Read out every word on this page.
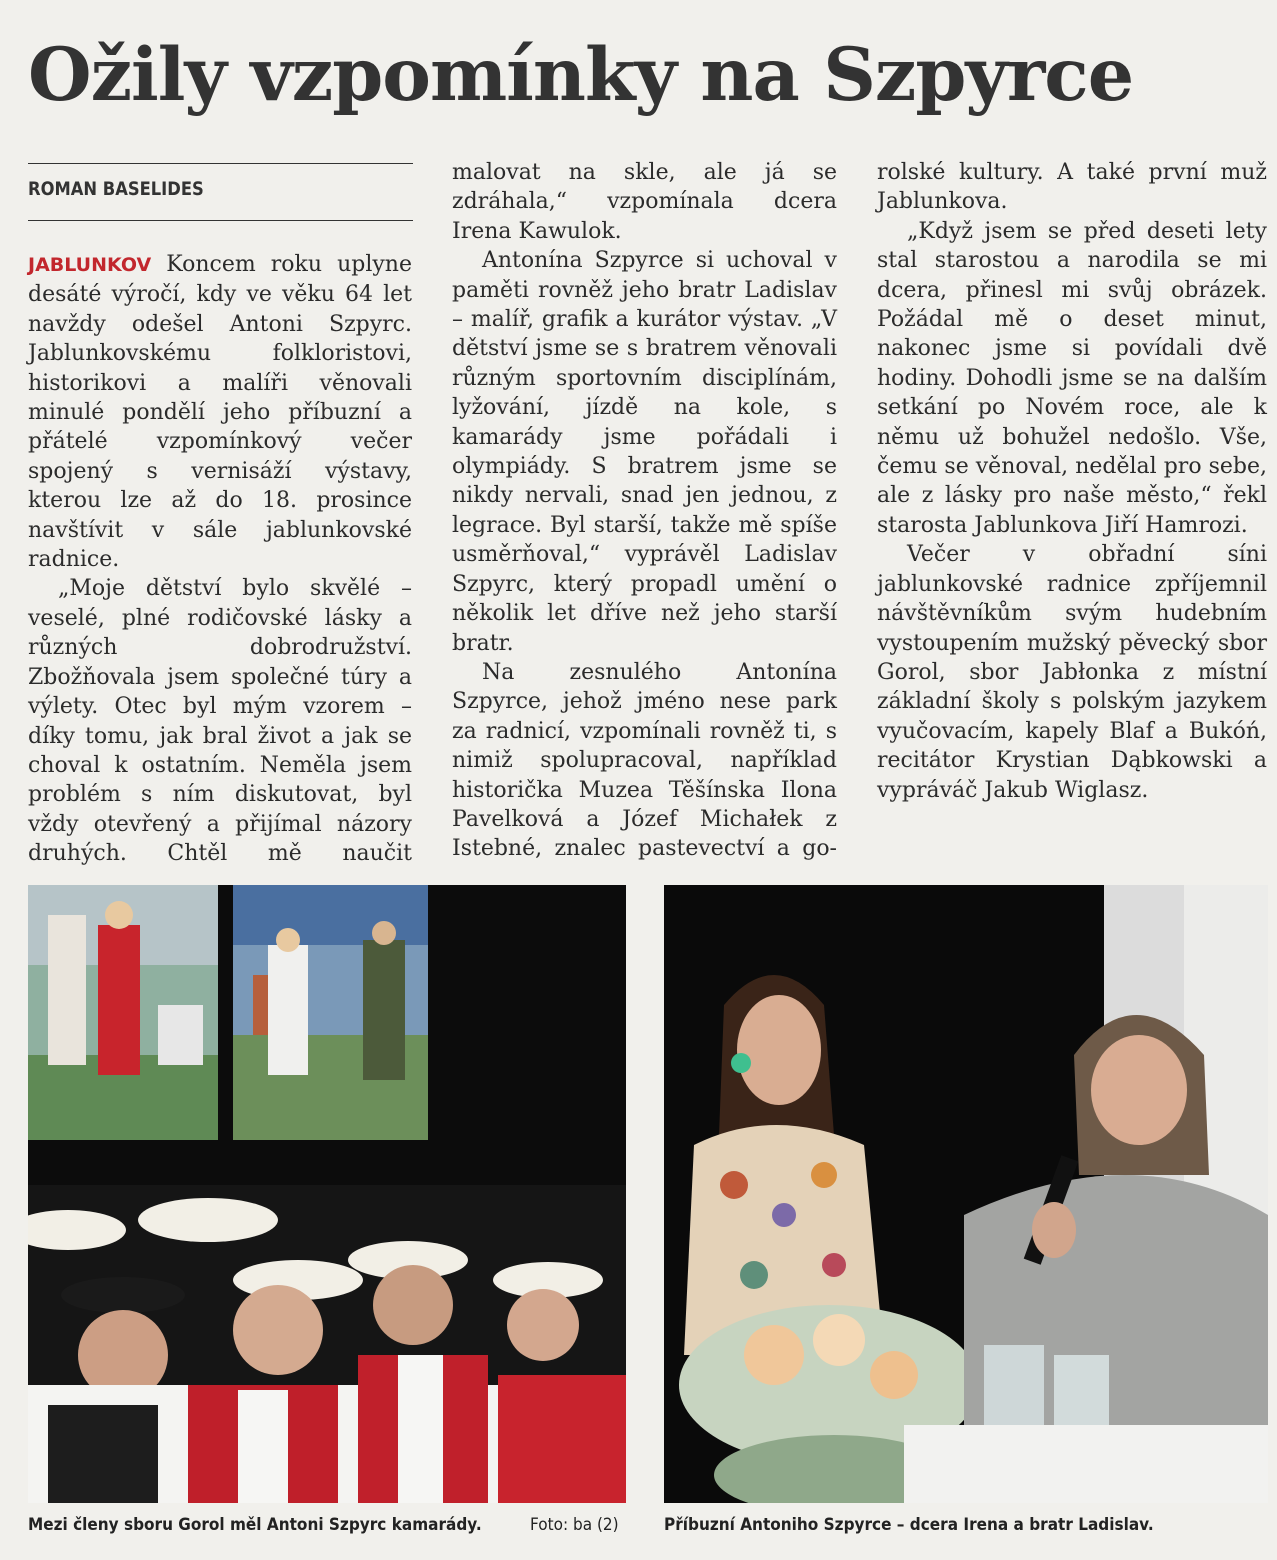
Ožily vzpomínky na Szpyrce
ROMAN BASELIDES

JABLUNKOV Koncem roku uplyne desáté výročí, kdy ve věku 64 let navždy odešel Antoni Szpyrc. Jablunkovskému folkloristovi, historikovi a malíři věnovali minulé pondělí jeho příbuzní a přátelé vzpomínkový večer spojený s vernisáží výstavy, kterou lze až do 18. prosince navštívit v sále jablunkovské radnice.

„Moje dětství bylo skvělé – veselé, plné rodičovské lásky a různých dobrodružství. Zbožňovala jsem společné túry a výlety. Otec byl mým vzorem – díky tomu, jak bral život a jak se choval k ostatním. Neměla jsem problém s ním diskutovat, byl vždy otevřený a přijímal názory druhých. Chtěl mě naučit

malovat na skle, ale já se zdráhala,“ vzpomínala dcera Irena Kawulok.

Antonína Szpyrce si uchoval v paměti rovněž jeho bratr Ladislav – malíř, grafik a kurátor výstav. „V dětství jsme se s bratrem věnovali různým sportovním disciplínám, lyžování, jízdě na kole, s kamarády jsme pořádali i olympiády. S bratrem jsme se nikdy nervali, snad jen jednou, z legrace. Byl starší, takže mě spíše usměrňoval,“ vyprávěl Ladislav Szpyrc, který propadl umění o několik let dříve než jeho starší bratr.

Na zesnulého Antonína Szpyrce, jehož jméno nese park za radnicí, vzpomínali rovněž ti, s nimiž spolupracoval, například historička Muzea Těšínska Ilona Pavelková a Józef Michałek z Istebné, znalec pastevectví a go-

rolské kultury. A také první muž Jablunkova.

„Když jsem se před deseti lety stal starostou a narodila se mi dcera, přinesl mi svůj obrázek. Požádal mě o deset minut, nakonec jsme si povídali dvě hodiny. Dohodli jsme se na dalším setkání po Novém roce, ale k němu už bohužel nedošlo. Vše, čemu se věnoval, nedělal pro sebe, ale z lásky pro naše město,“ řekl starosta Jablunkova Jiří Hamrozi.

Večer v obřadní síni jablunkovské radnice zpříjemnil návštěvníkům svým hudebním vystoupením mužský pěvecký sbor Gorol, sbor Jabłonka z místní základní školy s polským jazykem vyučovacím, kapely Blaf a Bukóń, recitátor Krystian Dąbkowski a vypráváč Jakub Wiglasz.

Mezi členy sboru Gorol měl Antoni Szpyrc kamarády.	Foto: ba (2)	Příbuzní Antoniho Szpyrce – dcera Irena a bratr Ladislav.
